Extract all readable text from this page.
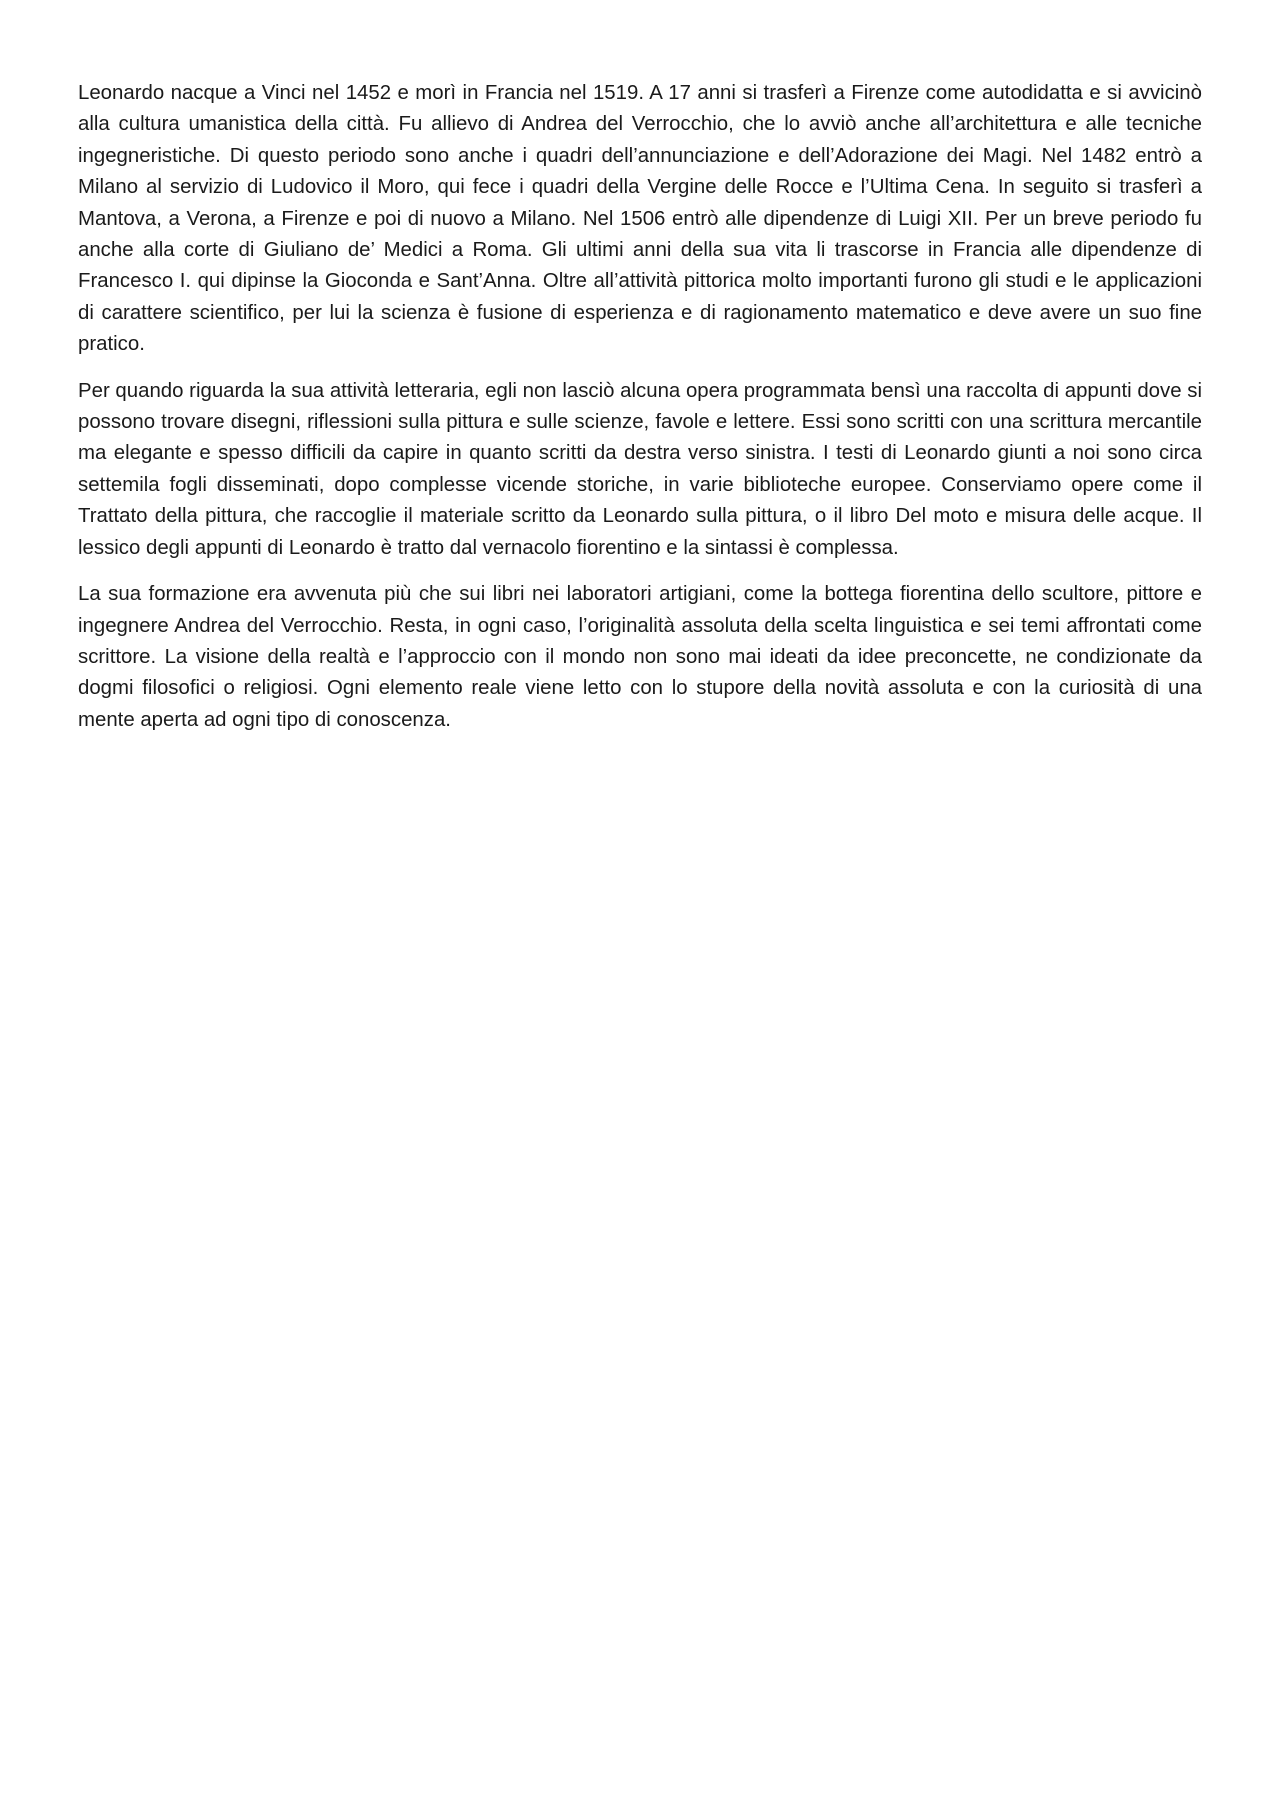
Leonardo nacque a Vinci nel 1452 e morì in Francia nel 1519. A 17 anni si trasferì a Firenze come autodidatta e si avvicinò alla cultura umanistica della città. Fu allievo di Andrea del Verrocchio, che lo avviò anche all’architettura e alle tecniche ingegneristiche. Di questo periodo sono anche i quadri dell’annunciazione e dell’Adorazione dei Magi. Nel 1482 entrò a Milano al servizio di Ludovico il Moro, qui fece i quadri della Vergine delle Rocce e l’Ultima Cena. In seguito si trasferì a Mantova, a Verona, a Firenze e poi di nuovo a Milano. Nel 1506 entrò alle dipendenze di Luigi XII. Per un breve periodo fu anche alla corte di Giuliano de’ Medici a Roma. Gli ultimi anni della sua vita li trascorse in Francia alle dipendenze di Francesco I. qui dipinse la Gioconda e Sant’Anna. Oltre all’attività pittorica molto importanti furono gli studi e le applicazioni di carattere scientifico, per lui la scienza è fusione di esperienza e di ragionamento matematico e deve avere un suo fine pratico.

Per quando riguarda la sua attività letteraria, egli non lasciò alcuna opera programmata bensì una raccolta di appunti dove si possono trovare disegni, riflessioni sulla pittura e sulle scienze, favole e lettere. Essi sono scritti con una scrittura mercantile ma elegante e spesso difficili da capire in quanto scritti da destra verso sinistra. I testi di Leonardo giunti a noi sono circa settemila fogli disseminati, dopo complesse vicende storiche, in varie biblioteche europee. Conserviamo opere come il Trattato della pittura, che raccoglie il materiale scritto da Leonardo sulla pittura, o il libro Del moto e misura delle acque. Il lessico degli appunti di Leonardo è tratto dal vernacolo fiorentino e la sintassi è complessa.

La sua formazione era avvenuta più che sui libri nei laboratori artigiani, come la bottega fiorentina dello scultore, pittore e ingegnere Andrea del Verrocchio. Resta, in ogni caso, l’originalità assoluta della scelta linguistica e sei temi affrontati come scrittore. La visione della realtà e l’approccio con il mondo non sono mai ideati da idee preconcette, ne condizionate da dogmi filosofici o religiosi. Ogni elemento reale viene letto con lo stupore della novità assoluta e con la curiosità di una mente aperta ad ogni tipo di conoscenza.
